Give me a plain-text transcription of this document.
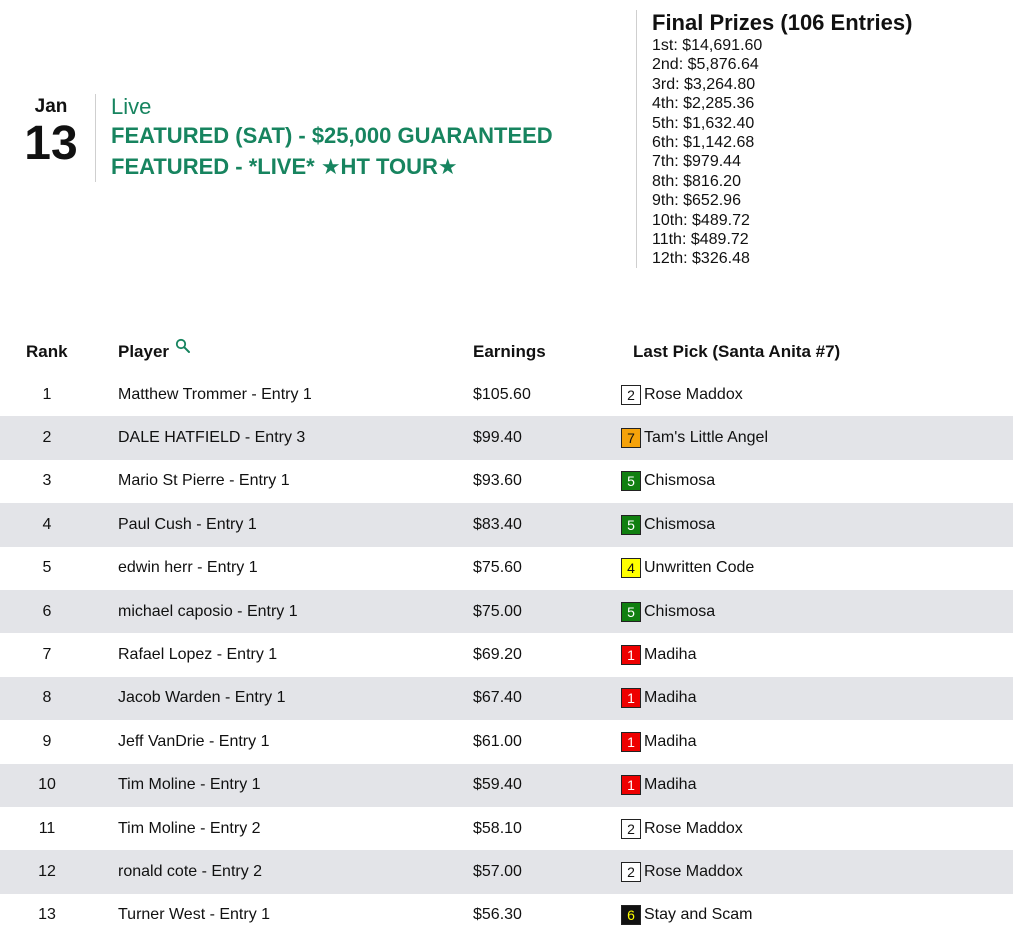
Jan
13
Live
FEATURED (SAT) - $25,000 GUARANTEED
FEATURED - *LIVE* ★HT TOUR★
Final Prizes (106 Entries)
1st: $14,691.60
2nd: $5,876.64
3rd: $3,264.80
4th: $2,285.36
5th: $1,632.40
6th: $1,142.68
7th: $979.44
8th: $816.20
9th: $652.96
10th: $489.72
11th: $489.72
12th: $326.48
Rank	Player	Earnings	Last Pick (Santa Anita #7)
1	Matthew Trommer - Entry 1	$105.60	2 Rose Maddox

2	DALE HATFIELD - Entry 3	$99.40	7 Tam's Little Angel

3	Mario St Pierre - Entry 1	$93.60	5 Chismosa

4	Paul Cush - Entry 1	$83.40	5 Chismosa

5	edwin herr - Entry 1	$75.60	4 Unwritten Code

6	michael caposio - Entry 1	$75.00	5 Chismosa

7	Rafael Lopez - Entry 1	$69.20	1 Madiha

8	Jacob Warden - Entry 1	$67.40	1 Madiha

9	Jeff VanDrie - Entry 1	$61.00	1 Madiha

10	Tim Moline - Entry 1	$59.40	1 Madiha

11	Tim Moline - Entry 2	$58.10	2 Rose Maddox

12	ronald cote - Entry 2	$57.00	2 Rose Maddox

13	Turner West - Entry 1	$56.30	6 Stay and Scam
